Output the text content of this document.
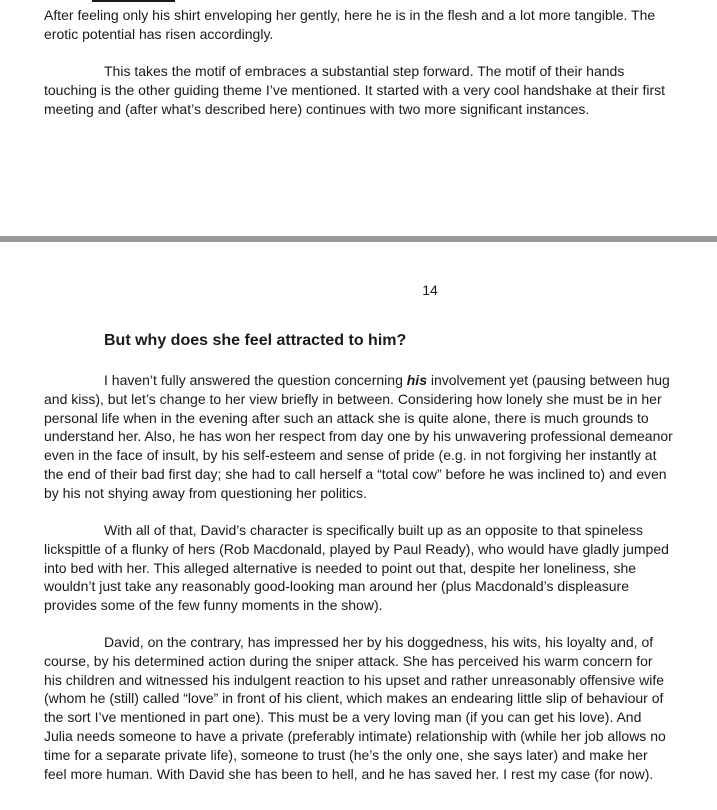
After feeling only his shirt enveloping her gently, here he is in the flesh and a lot more tangible. The erotic potential has risen accordingly.

This takes the motif of embraces a substantial step forward. The motif of their hands touching is the other guiding theme I’ve mentioned. It started with a very cool handshake at their first meeting and (after what’s described here) continues with two more significant instances.

14

But why does she feel attracted to him?

I haven’t fully answered the question concerning his involvement yet (pausing between hug and kiss), but let’s change to her view briefly in between. Considering how lonely she must be in her personal life when in the evening after such an attack she is quite alone, there is much grounds to understand her. Also, he has won her respect from day one by his unwavering professional demeanor even in the face of insult, by his self-esteem and sense of pride (e.g. in not forgiving her instantly at the end of their bad first day; she had to call herself a “total cow” before he was inclined to) and even by his not shying away from questioning her politics.

With all of that, David’s character is specifically built up as an opposite to that spineless lickspittle of a flunky of hers (Rob Macdonald, played by Paul Ready), who would have gladly jumped into bed with her. This alleged alternative is needed to point out that, despite her loneliness, she wouldn’t just take any reasonably good-looking man around her (plus Macdonald’s displeasure provides some of the few funny moments in the show).

David, on the contrary, has impressed her by his doggedness, his wits, his loyalty and, of course, by his determined action during the sniper attack. She has perceived his warm concern for his children and witnessed his indulgent reaction to his upset and rather unreasonably offensive wife (whom he (still) called “love” in front of his client, which makes an endearing little slip of behaviour of the sort I’ve mentioned in part one). This must be a very loving man (if you can get his love). And Julia needs someone to have a private (preferably intimate) relationship with (while her job allows no time for a separate private life), someone to trust (he’s the only one, she says later) and make her feel more human. With David she has been to hell, and he has saved her. I rest my case (for now).
